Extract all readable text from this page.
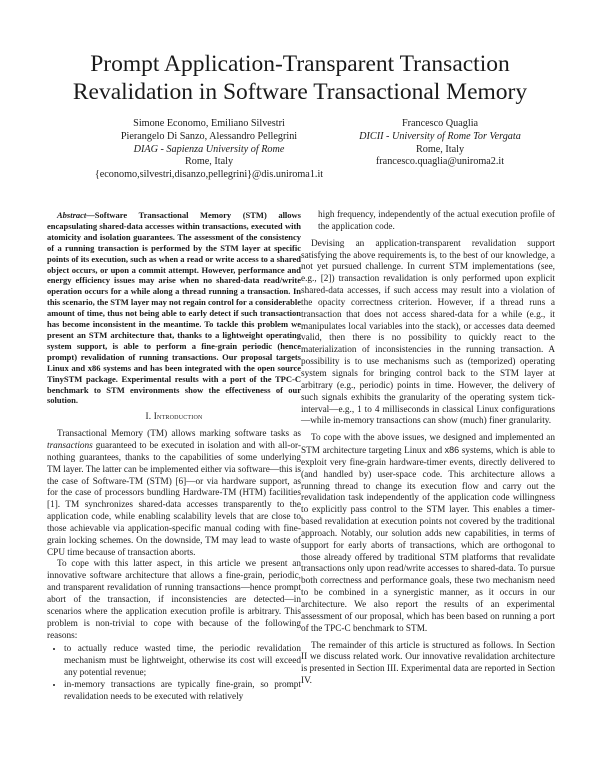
Prompt Application-Transparent Transaction Revalidation in Software Transactional Memory
Simone Economo, Emiliano Silvestri
Pierangelo Di Sanzo, Alessandro Pellegrini
DIAG - Sapienza University of Rome
Rome, Italy
{economo,silvestri,disanzo,pellegrini}@dis.uniroma1.it
Francesco Quaglia
DICII - University of Rome Tor Vergata
Rome, Italy
francesco.quaglia@uniroma2.it

Abstract—Software Transactional Memory (STM) allows encapsulating shared-data accesses within transactions, executed with atomicity and isolation guarantees. The assessment of the consistency of a running transaction is performed by the STM layer at specific points of its execution, such as when a read or write access to a shared object occurs, or upon a commit attempt. However, performance and energy efficiency issues may arise when no shared-data read/write operation occurs for a while along a thread running a transaction. In this scenario, the STM layer may not regain control for a considerable amount of time, thus not being able to early detect if such transaction has become inconsistent in the meantime. To tackle this problem we present an STM architecture that, thanks to a lightweight operating system support, is able to perform a fine-grain periodic (hence prompt) revalidation of running transactions. Our proposal targets Linux and x86 systems and has been integrated with the open source TinySTM package. Experimental results with a port of the TPC-C benchmark to STM environments show the effectiveness of our solution.

I. Introduction

Transactional Memory (TM) allows marking software tasks as transactions guaranteed to be executed in isolation and with all-or-nothing guarantees, thanks to the capabilities of some underlying TM layer. The latter can be implemented either via software—this is the case of Software-TM (STM) [6]—or via hardware support, as for the case of processors bundling Hardware-TM (HTM) facilities [1]. TM synchronizes shared-data accesses transparently to the application code, while enabling scalability levels that are close to those achievable via application-specific manual coding with fine-grain locking schemes. On the downside, TM may lead to waste of CPU time because of transaction aborts.

To cope with this latter aspect, in this article we present an innovative software architecture that allows a fine-grain, periodic, and transparent revalidation of running transactions—hence prompt abort of the transaction, if inconsistencies are detected—in scenarios where the application execution profile is arbitrary. This problem is non-trivial to cope with because of the following reasons:

• to actually reduce wasted time, the periodic revalidation mechanism must be lightweight, otherwise its cost will exceed any potential revenue;
• in-memory transactions are typically fine-grain, so prompt revalidation needs to be executed with relatively
high frequency, independently of the actual execution profile of the application code.

Devising an application-transparent revalidation support satisfying the above requirements is, to the best of our knowledge, a not yet pursued challenge. In current STM implementations (see, e.g., [2]) transaction revalidation is only performed upon explicit shared-data accesses, if such access may result into a violation of the opacity correctness criterion. However, if a thread runs a transaction that does not access shared-data for a while (e.g., it manipulates local variables into the stack), or accesses data deemed valid, then there is no possibility to quickly react to the materialization of inconsistencies in the running transaction. A possibility is to use mechanisms such as (temporized) operating system signals for bringing control back to the STM layer at arbitrary (e.g., periodic) points in time. However, the delivery of such signals exhibits the granularity of the operating system tick-interval—e.g., 1 to 4 milliseconds in classical Linux configurations—while in-memory transactions can show (much) finer granularity.

To cope with the above issues, we designed and implemented an STM architecture targeting Linux and x86 systems, which is able to exploit very fine-grain hardware-timer events, directly delivered to (and handled by) user-space code. This architecture allows a running thread to change its execution flow and carry out the revalidation task independently of the application code willingness to explicitly pass control to the STM layer. This enables a timer-based revalidation at execution points not covered by the traditional approach. Notably, our solution adds new capabilities, in terms of support for early aborts of transactions, which are orthogonal to those already offered by traditional STM platforms that revalidate transactions only upon read/write accesses to shared-data. To pursue both correctness and performance goals, these two mechanism need to be combined in a synergistic manner, as it occurs in our architecture. We also report the results of an experimental assessment of our proposal, which has been based on running a port of the TPC-C benchmark to STM.

The remainder of this article is structured as follows. In Section II we discuss related work. Our innovative revalidation architecture is presented in Section III. Experimental data are reported in Section IV.
